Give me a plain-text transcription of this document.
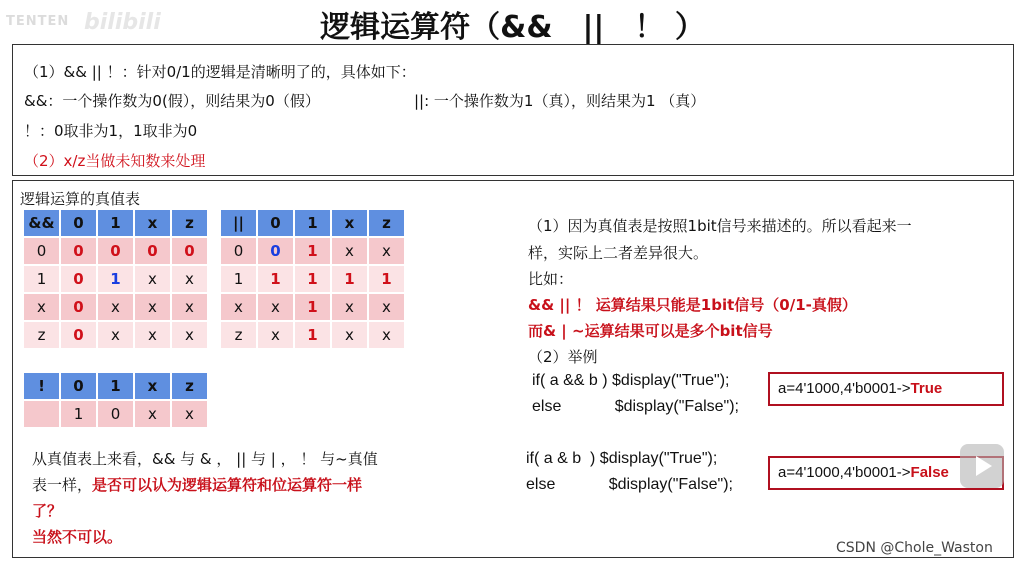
TENTEN bilibili	逻辑运算符（&&　||　！ ）
（1）&& || ！：针对0/1的逻辑是清晰明了的，具体如下：
&&：一个操作数为0(假），则结果为0（假）	||: 一个操作数为1（真），则结果为1 （真）
！：0取非为1，1取非为0
（2）x/z当做未知数来处理
逻辑运算的真值表
&&	0	1	x	z
0	0	0	0	0
1	0	1	x	x
x	0	x	x	x
z	0	x	x	x
||	0	1	x	z
0	0	1	x	x
1	1	1	1	1
x	x	1	x	x
z	x	1	x	x
!	0	1	x	z
	1	0	x	x
从真值表上来看，&& 与 & ， || 与 | ， ！ 与~真值
表一样，是否可以认为逻辑运算符和位运算符一样
了？
当然不可以。
（1）因为真值表是按照1bit信号来描述的。所以看起来一
样，实际上二者差异很大。
比如：
&& || ！ 运算结果只能是1bit信号（0/1-真假）
而& | ~运算结果可以是多个bit信号
（2）举例
if( a && b ) $display("True");
else            $display("False");
a=4'1000,4'b0001->True
if( a & b  ) $display("True");
else            $display("False");
a=4'1000,4'b0001->False
CSDN @Chole_Waston
